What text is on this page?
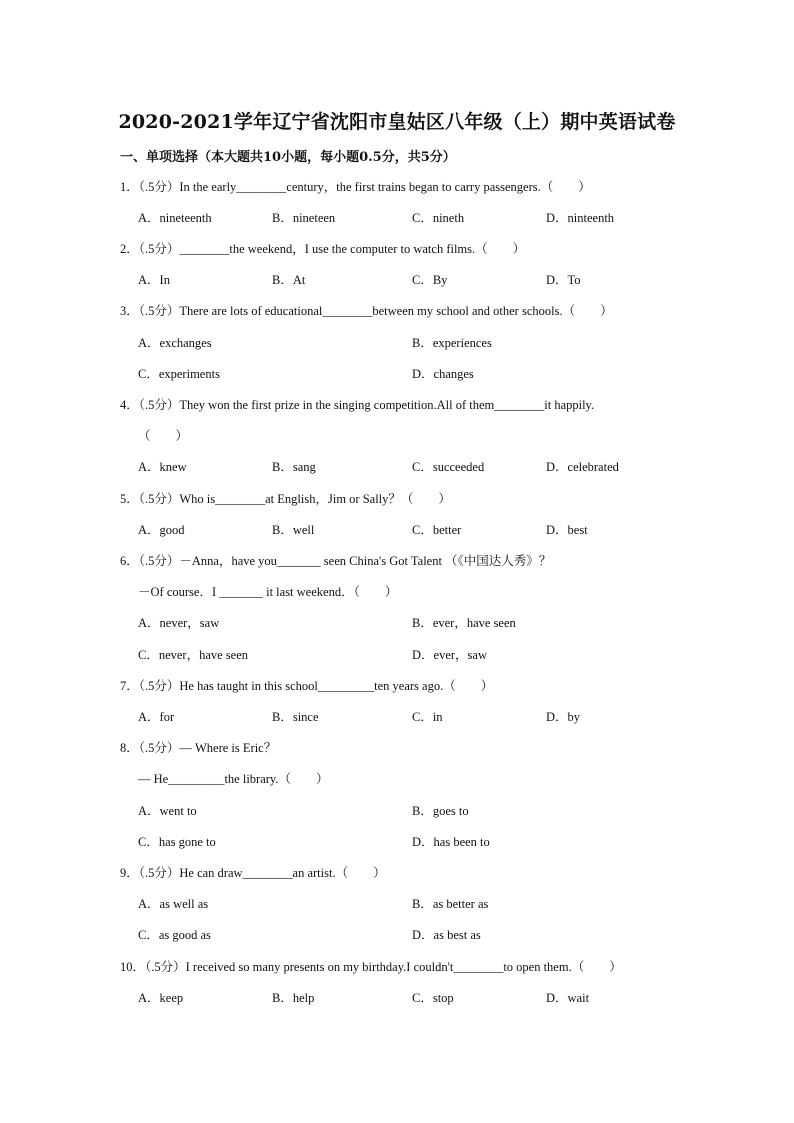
2020-2021学年辽宁省沈阳市皇姑区八年级（上）期中英语试卷
一、单项选择（本大题共10小题，每小题0.5分，共5分）
1．（.5分）In the early________century，the first trains began to carry passengers.（　　）
A．nineteenth	B．nineteen	C．nineth	D．ninteenth
2．（.5分）________the weekend，I use the computer to watch films.（　　）
A．In	B．At	C．By	D．To
3．（.5分）There are lots of educational________between my school and other schools.（　　）
A．exchanges	B．experiences
C．experiments	D．changes
4．（.5分）They won the first prize in the singing competition.All of them________it happily.
（　　）
A．knew	B．sang	C．succeeded	D．celebrated
5．（.5分）Who is________at English，Jim or Sally？（　　）
A．good	B．well	C．better	D．best
6．（.5分）－Anna，have you_______ seen China's Got Talent （《中国达人秀》？
－Of course．I _______ it last weekend．（　　）
A．never，saw	B．ever，have seen
C．never，have seen	D．ever，saw
7．（.5分）He has taught in this school_________ten years ago.（　　）
A．for	B．since	C．in	D．by
8．（.5分）— Where is Eric？
— He_________the library.（　　）
A．went to	B．goes to
C．has gone to	D．has been to
9．（.5分）He can draw________an artist.（　　）
A．as well as	B．as better as
C．as good as	D．as best as
10．（.5分）I received so many presents on my birthday.I couldn't________to open them.（　　）
A．keep	B．help	C．stop	D．wait
